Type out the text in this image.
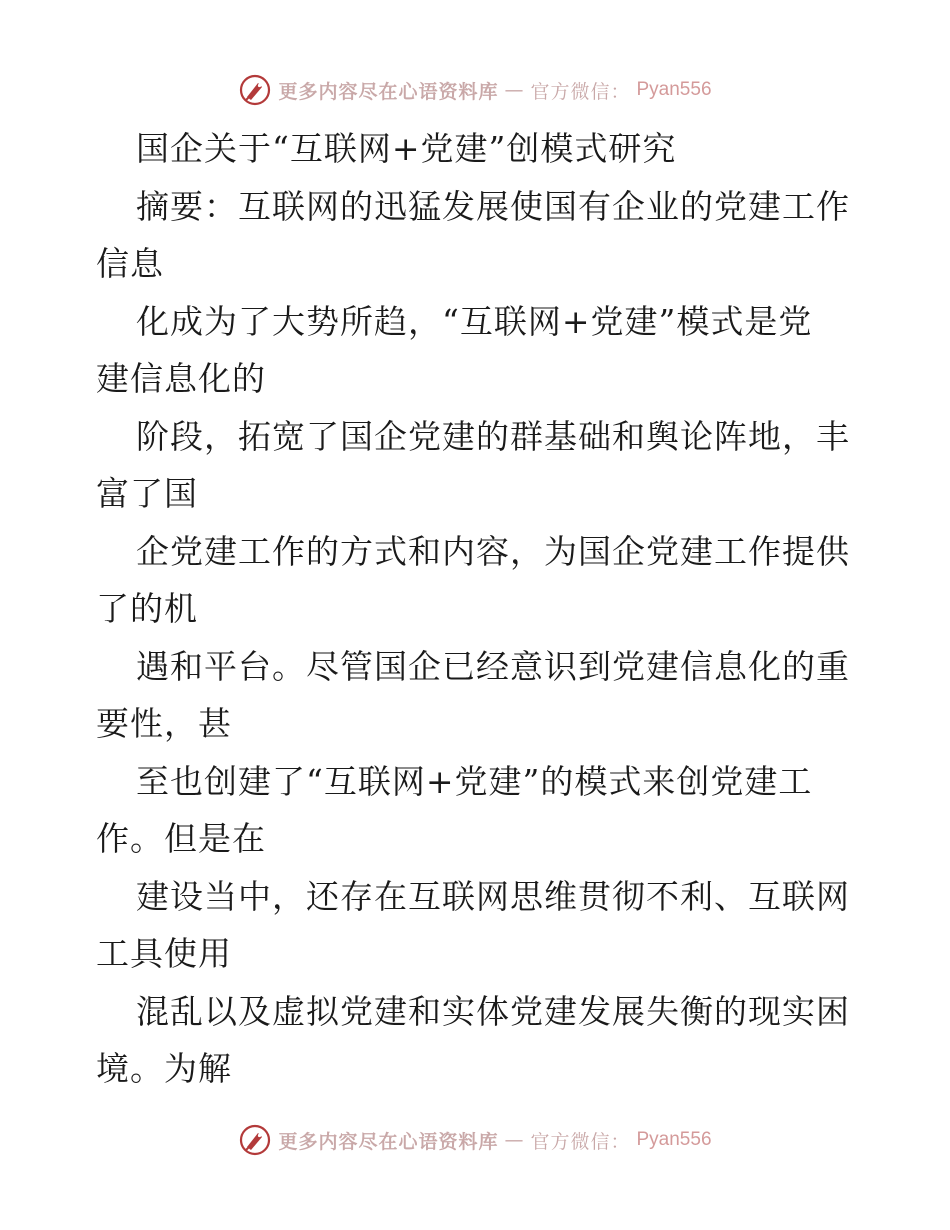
更多内容尽在心语资料库 — 官方微信： Pyan556
国企关于“互联网+党建”创模式研究
摘要：互联网的迅猛发展使国有企业的党建工作
信息
化成为了大势所趋，“互联网+党建”模式是党
建信息化的
阶段，拓宽了国企党建的群基础和舆论阵地，丰
富了国
企党建工作的方式和内容，为国企党建工作提供
了的机
遇和平台。尽管国企已经意识到党建信息化的重
要性，甚
至也创建了“互联网+党建”的模式来创党建工
作。但是在
建设当中，还存在互联网思维贯彻不利、互联网
工具使用
混乱以及虚拟党建和实体党建发展失衡的现实困
境。为解
更多内容尽在心语资料库 — 官方微信： Pyan556
